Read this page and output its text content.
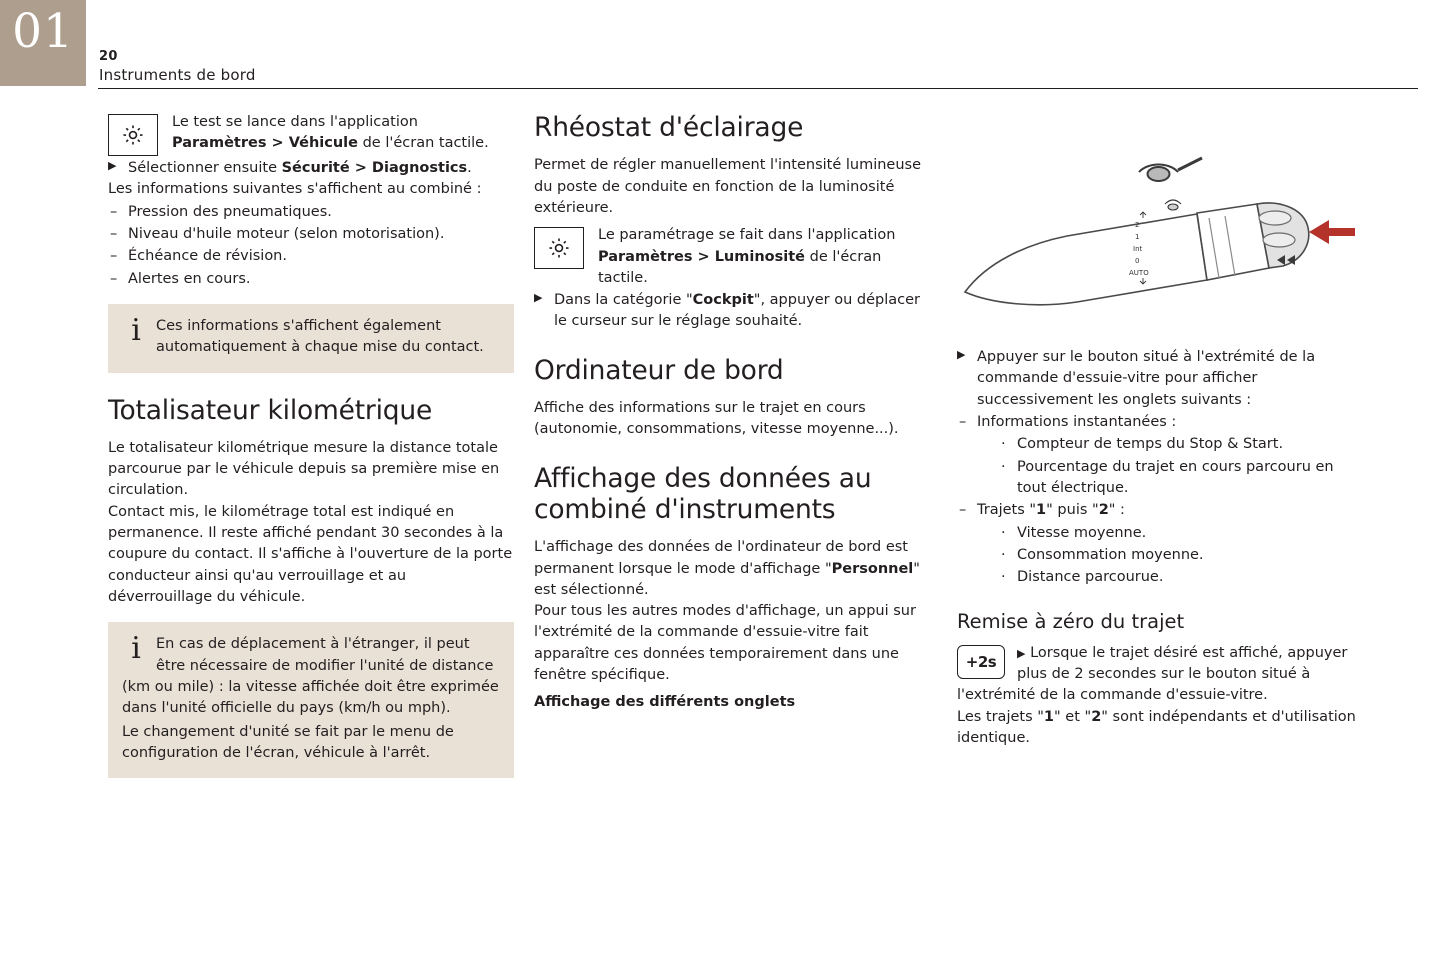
01 20
Instruments de bord
Le test se lance dans l'application
Paramètres > Véhicule de l'écran tactile.
▶ Sélectionner ensuite Sécurité > Diagnostics.

Les informations suivantes s'affichent au combiné :

– Pression des pneumatiques.
– Niveau d'huile moteur (selon motorisation).
– Échéance de révision.
– Alertes en cours.
i	Ces informations s'affichent également automatiquement à chaque mise du contact.
Totalisateur kilométrique

Le totalisateur kilométrique mesure la distance totale parcourue par le véhicule depuis sa première mise en circulation.

Contact mis, le kilométrage total est indiqué en permanence. Il reste affiché pendant 30 secondes à la coupure du contact. Il s'affiche à l'ouverture de la porte conducteur ainsi qu'au verrouillage et au déverrouillage du véhicule.

i	En cas de déplacement à l'étranger, il peut être nécessaire de modifier l'unité de distance (km ou mile) : la vitesse affichée doit être exprimée dans l'unité officielle du pays (km/h ou mph).
Le changement d'unité se fait par le menu de configuration de l'écran, véhicule à l'arrêt.
Rhéostat d'éclairage

Permet de régler manuellement l'intensité lumineuse du poste de conduite en fonction de la luminosité extérieure.

Le paramétrage se fait dans l'application
Paramètres > Luminosité de l'écran tactile.
▶ Dans la catégorie "Cockpit", appuyer ou déplacer le curseur sur le réglage souhaité.
Ordinateur de bord

Affiche des informations sur le trajet en cours (autonomie, consommations, vitesse moyenne...).

Affichage des données au combiné d'instruments

L'affichage des données de l'ordinateur de bord est permanent lorsque le mode d'affichage "Personnel" est sélectionné.

Pour tous les autres modes d'affichage, un appui sur l'extrémité de la commande d'essuie-vitre fait apparaître ces données temporairement dans une fenêtre spécifique.

Affichage des différents onglets

2
1
Int
0
AUTO
▶ Appuyer sur le bouton situé à l'extrémité de la commande d'essuie-vitre pour afficher successivement les onglets suivants :
– Informations instantanées :
· Compteur de temps du Stop & Start.
· Pourcentage du trajet en cours parcouru en tout électrique.
– Trajets "1" puis "2" :
· Vitesse moyenne.
· Consommation moyenne.
· Distance parcourue.
Remise à zéro du trajet
+2s ▶ Lorsque le trajet désiré est affiché, appuyer plus de 2 secondes sur le bouton situé à l'extrémité de la commande d'essuie-vitre.

Les trajets "1" et "2" sont indépendants et d'utilisation identique.
